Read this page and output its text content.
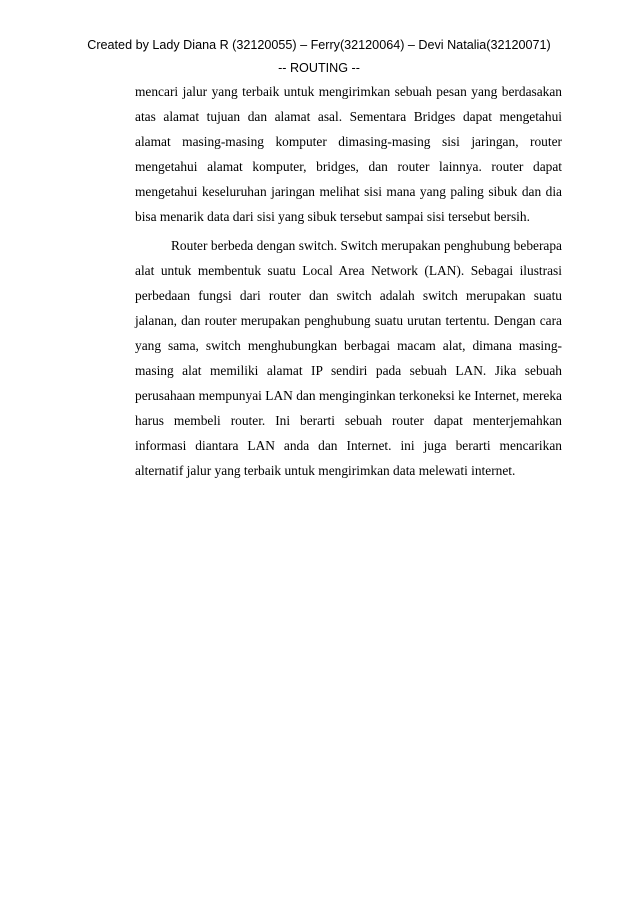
Created by Lady Diana R (32120055) – Ferry(32120064) – Devi Natalia(32120071)
-- ROUTING --

mencari jalur yang terbaik untuk mengirimkan sebuah pesan yang berdasakan atas alamat tujuan dan alamat asal. Sementara Bridges dapat mengetahui alamat masing-masing komputer dimasing-masing sisi jaringan, router mengetahui alamat komputer, bridges, dan router lainnya. router dapat mengetahui keseluruhan jaringan melihat sisi mana yang paling sibuk dan dia bisa menarik data dari sisi yang sibuk tersebut sampai sisi tersebut bersih.

Router berbeda dengan switch. Switch merupakan penghubung beberapa alat untuk membentuk suatu Local Area Network (LAN). Sebagai ilustrasi perbedaan fungsi dari router dan switch adalah switch merupakan suatu jalanan, dan router merupakan penghubung suatu urutan tertentu. Dengan cara yang sama, switch menghubungkan berbagai macam alat, dimana masing-masing alat memiliki alamat IP sendiri pada sebuah LAN. Jika sebuah perusahaan mempunyai LAN dan menginginkan terkoneksi ke Internet, mereka harus membeli router. Ini berarti sebuah router dapat menterjemahkan informasi diantara LAN anda dan Internet. ini juga berarti mencarikan alternatif jalur yang terbaik untuk mengirimkan data melewati internet.
